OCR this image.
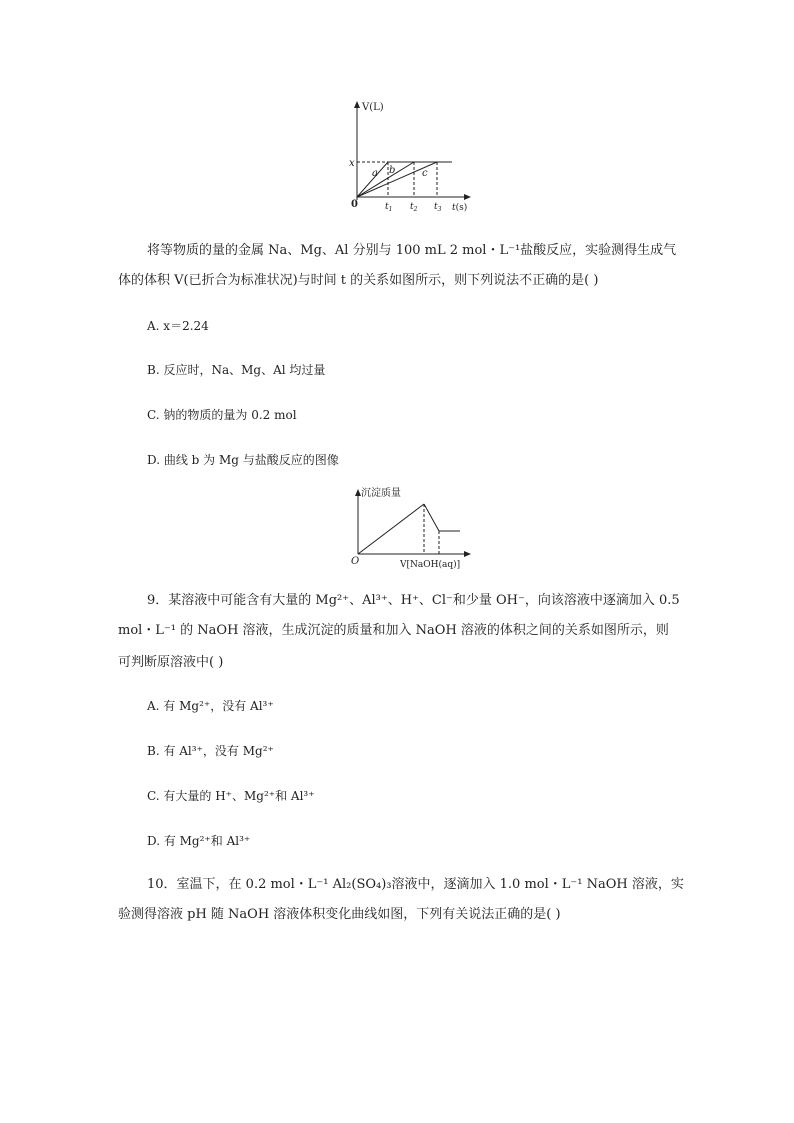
V(L)
x
0
a b	c
$t_1$ $t_2$ $t_3$ t(s)
将等物质的量的金属 Na、Mg、Al 分别与 100 mL 2 mol・L⁻¹盐酸反应，实验测得生成气
体的体积 V(已折合为标准状况)与时间 t 的关系如图所示，则下列说法不正确的是( )
A. x＝2.24
B. 反应时，Na、Mg、Al 均过量
C. 钠的物质的量为 0.2 mol
D. 曲线 b 为 Mg 与盐酸反应的图像
沉淀质量
O	V[NaOH(aq)]
9．某溶液中可能含有大量的 Mg²⁺、Al³⁺、H⁺、Cl⁻和少量 OH⁻，向该溶液中逐滴加入 0.5
mol・L⁻¹ 的 NaOH 溶液，生成沉淀的质量和加入 NaOH 溶液的体积之间的关系如图所示，则
可判断原溶液中( )
A. 有 Mg²⁺，没有 Al³⁺
B. 有 Al³⁺，没有 Mg²⁺
C. 有大量的 H⁺、Mg²⁺和 Al³⁺
D. 有 Mg²⁺和 Al³⁺
10．室温下，在 0.2 mol・L⁻¹ Al₂(SO₄)₃溶液中，逐滴加入 1.0 mol・L⁻¹ NaOH 溶液，实
验测得溶液 pH 随 NaOH 溶液体积变化曲线如图，下列有关说法正确的是( )
